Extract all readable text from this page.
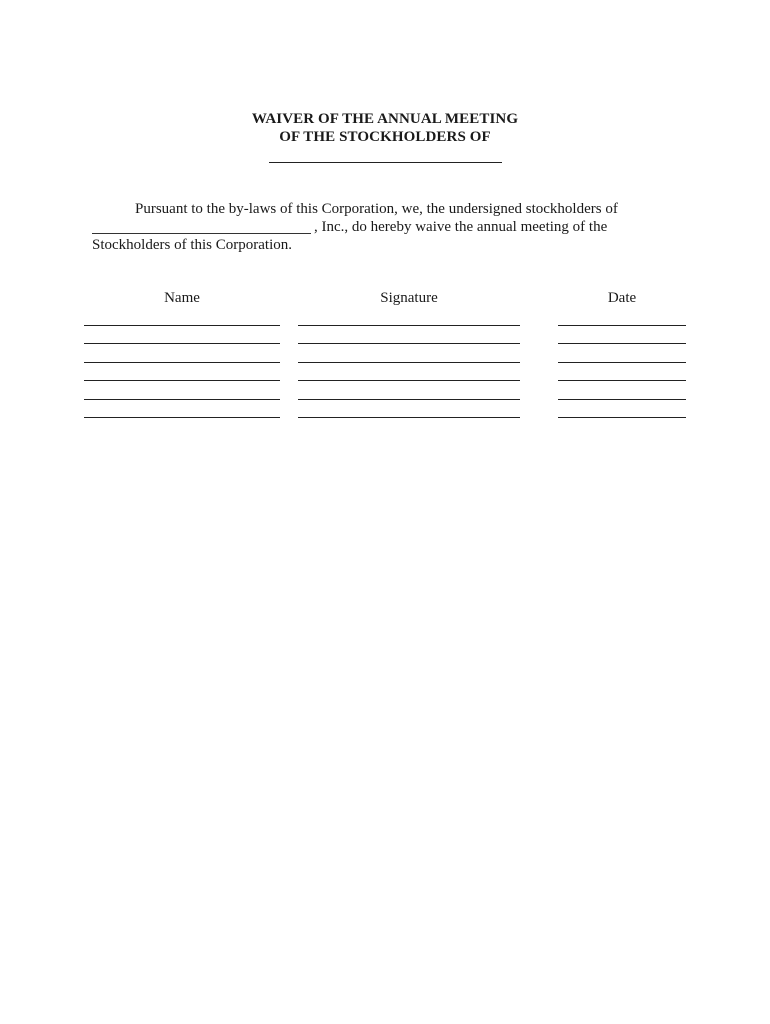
WAIVER OF THE ANNUAL MEETING
OF THE STOCKHOLDERS OF
Pursuant to the by-laws of this Corporation, we, the undersigned stockholders of
, Inc., do hereby waive the annual meeting of the
Stockholders of this Corporation.
Name	Signature	Date
